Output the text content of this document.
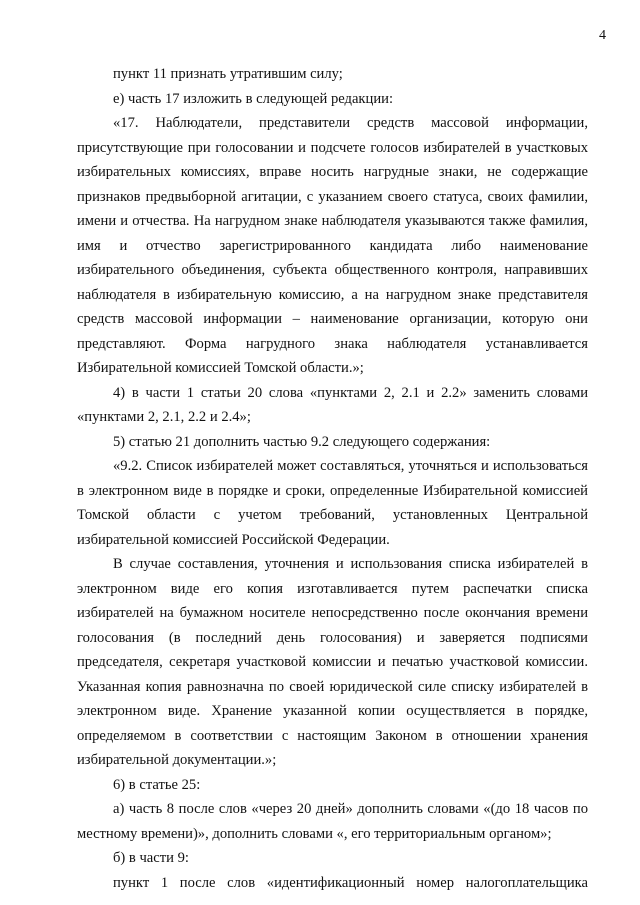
4

пункт 11 признать утратившим силу;

е) часть 17 изложить в следующей редакции:

«17. Наблюдатели, представители средств массовой информации, присутствующие при голосовании и подсчете голосов избирателей в участковых избирательных комиссиях, вправе носить нагрудные знаки, не содержащие признаков предвыборной агитации, с указанием своего статуса, своих фамилии, имени и отчества. На нагрудном знаке наблюдателя указываются также фамилия, имя и отчество зарегистрированного кандидата либо наименование избирательного объединения, субъекта общественного контроля, направивших наблюдателя в избирательную комиссию, а на нагрудном знаке представителя средств массовой информации – наименование организации, которую они представляют. Форма нагрудного знака наблюдателя устанавливается Избирательной комиссией Томской области.»;

4) в части 1 статьи 20 слова «пунктами 2, 2.1 и 2.2» заменить словами «пунктами 2, 2.1, 2.2 и 2.4»;

5) статью 21 дополнить частью 9.2 следующего содержания:

«9.2. Список избирателей может составляться, уточняться и использоваться в электронном виде в порядке и сроки, определенные Избирательной комиссией Томской области с учетом требований, установленных Центральной избирательной комиссией Российской Федерации.

В случае составления, уточнения и использования списка избирателей в электронном виде его копия изготавливается путем распечатки списка избирателей на бумажном носителе непосредственно после окончания времени голосования (в последний день голосования) и заверяется подписями председателя, секретаря участковой комиссии и печатью участковой комиссии. Указанная копия равнозначна по своей юридической силе списку избирателей в электронном виде. Хранение указанной копии осуществляется в порядке, определяемом в соответствии с настоящим Законом в отношении хранения избирательной документации.»;

6) в статье 25:

а) часть 8 после слов «через 20 дней» дополнить словами «(до 18 часов по местному времени)», дополнить словами «, его территориальным органом»;

б) в части 9:

пункт 1 после слов «идентификационный номер налогоплательщика
